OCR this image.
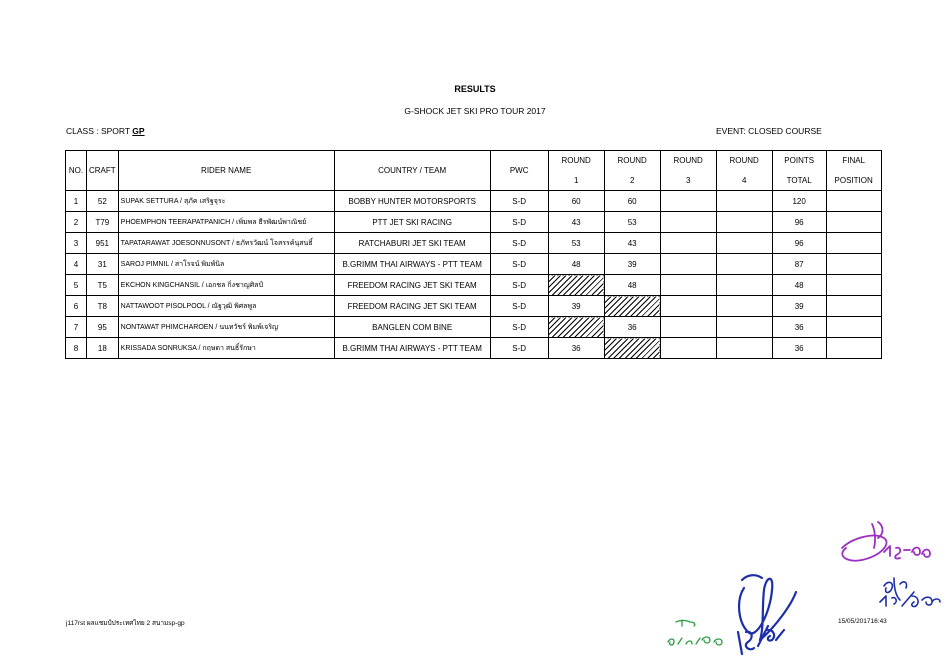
RESULTS
G-SHOCK JET SKI PRO TOUR 2017
CLASS : SPORT GP	EVENT: CLOSED COURSE
NO.	CRAFT	RIDER NAME	COUNTRY / TEAM	PWC	ROUND	ROUND	ROUND	ROUND	POINTS	FINAL
					1	2	3	4	TOTAL	POSITION
1	52	SUPAK SETTURA / สุภัค เสริฐจุระ	BOBBY HUNTER MOTORSPORTS	S-D	60	60			120	
2	T79	PHOEMPHON TEERAPATPANICH / เพิ่มพล ธีรพัฒน์พาณิชย์	PTT JET SKI RACING	S-D	43	53			96	
3	951	TAPATARAWAT JOESONNUSONT / ธภัทรวัฒน์ โจสรรค์นุสนธิ์	RATCHABURI JET SKI TEAM	S-D	53	43			96	
4	31	SAROJ PIMNIL / สาโรจน์ พิมพ์นิล	B.GRIMM THAI AIRWAYS - PTT TEAM	S-D	48	39			87	
5	T5	EKCHON KINGCHANSIL / เอกชล กิ่งชาญศิลป์	FREEDOM RACING JET SKI TEAM	S-D		48			48	
6	T8	NATTAWOOT PISOLPOOL / ณัฐวุฒิ พิศลพูล	FREEDOM RACING JET SKI TEAM	S-D	39				39	
7	95	NONTAWAT PHIMCHAROEN / นนทวัชร์ พิมพ์เจริญ	BANGLEN COM BINE	S-D		36			36	
8	18	KRISSADA SONRUKSA / กฤษดา สนธิ์รักษา	B.GRIMM THAI AIRWAYS - PTT TEAM	S-D	36				36	
j117rst ผลแชมป์ประเทศไทย 2 สนามsp-gp	15/05/201716:43
